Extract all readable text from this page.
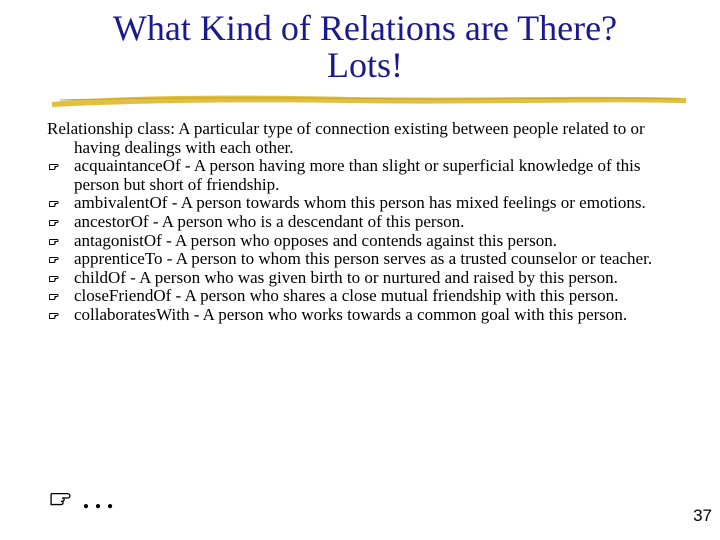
What Kind of Relations are There?
Lots!

Relationship class: A particular type of connection existing between people related to or having dealings with each other.

acquaintanceOf - A person having more than slight or superficial knowledge of this person but short of friendship.
ambivalentOf - A person towards whom this person has mixed feelings or emotions.
ancestorOf - A person who is a descendant of this person.
antagonistOf - A person who opposes and contends against this person.
apprenticeTo - A person to whom this person serves as a trusted counselor or teacher.
childOf - A person who was given birth to or nurtured and raised by this person.
closeFriendOf - A person who shares a close mutual friendship with this person.
collaboratesWith - A person who works towards a common goal with this person.
…	37
